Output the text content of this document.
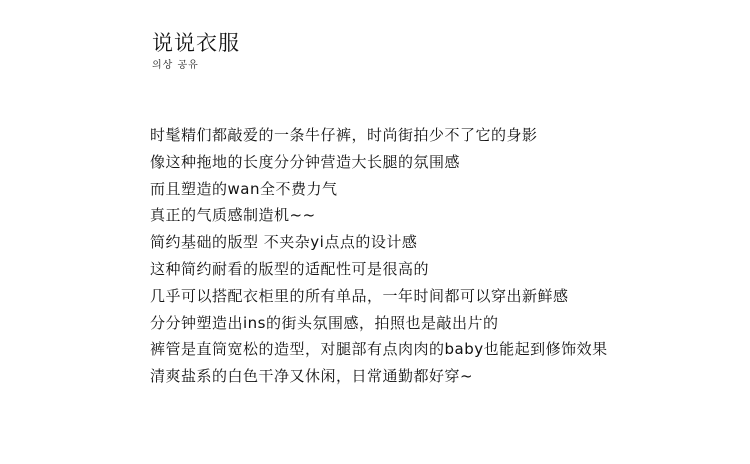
说说衣服
의상 공유
时髦精们都敲爱的一条牛仔裤，时尚街拍少不了它的身影
像这种拖地的长度分分钟营造大长腿的氛围感
而且塑造的wan全不费力气
真正的气质感制造机~~
简约基础的版型 不夹杂yi点点的设计感
这种简约耐看的版型的适配性可是很高的
几乎可以搭配衣柜里的所有单品，一年时间都可以穿出新鲜感
分分钟塑造出ins的街头氛围感，拍照也是敲出片的
裤管是直筒宽松的造型，对腿部有点肉肉的baby也能起到修饰效果
清爽盐系的白色干净又休闲，日常通勤都好穿~
